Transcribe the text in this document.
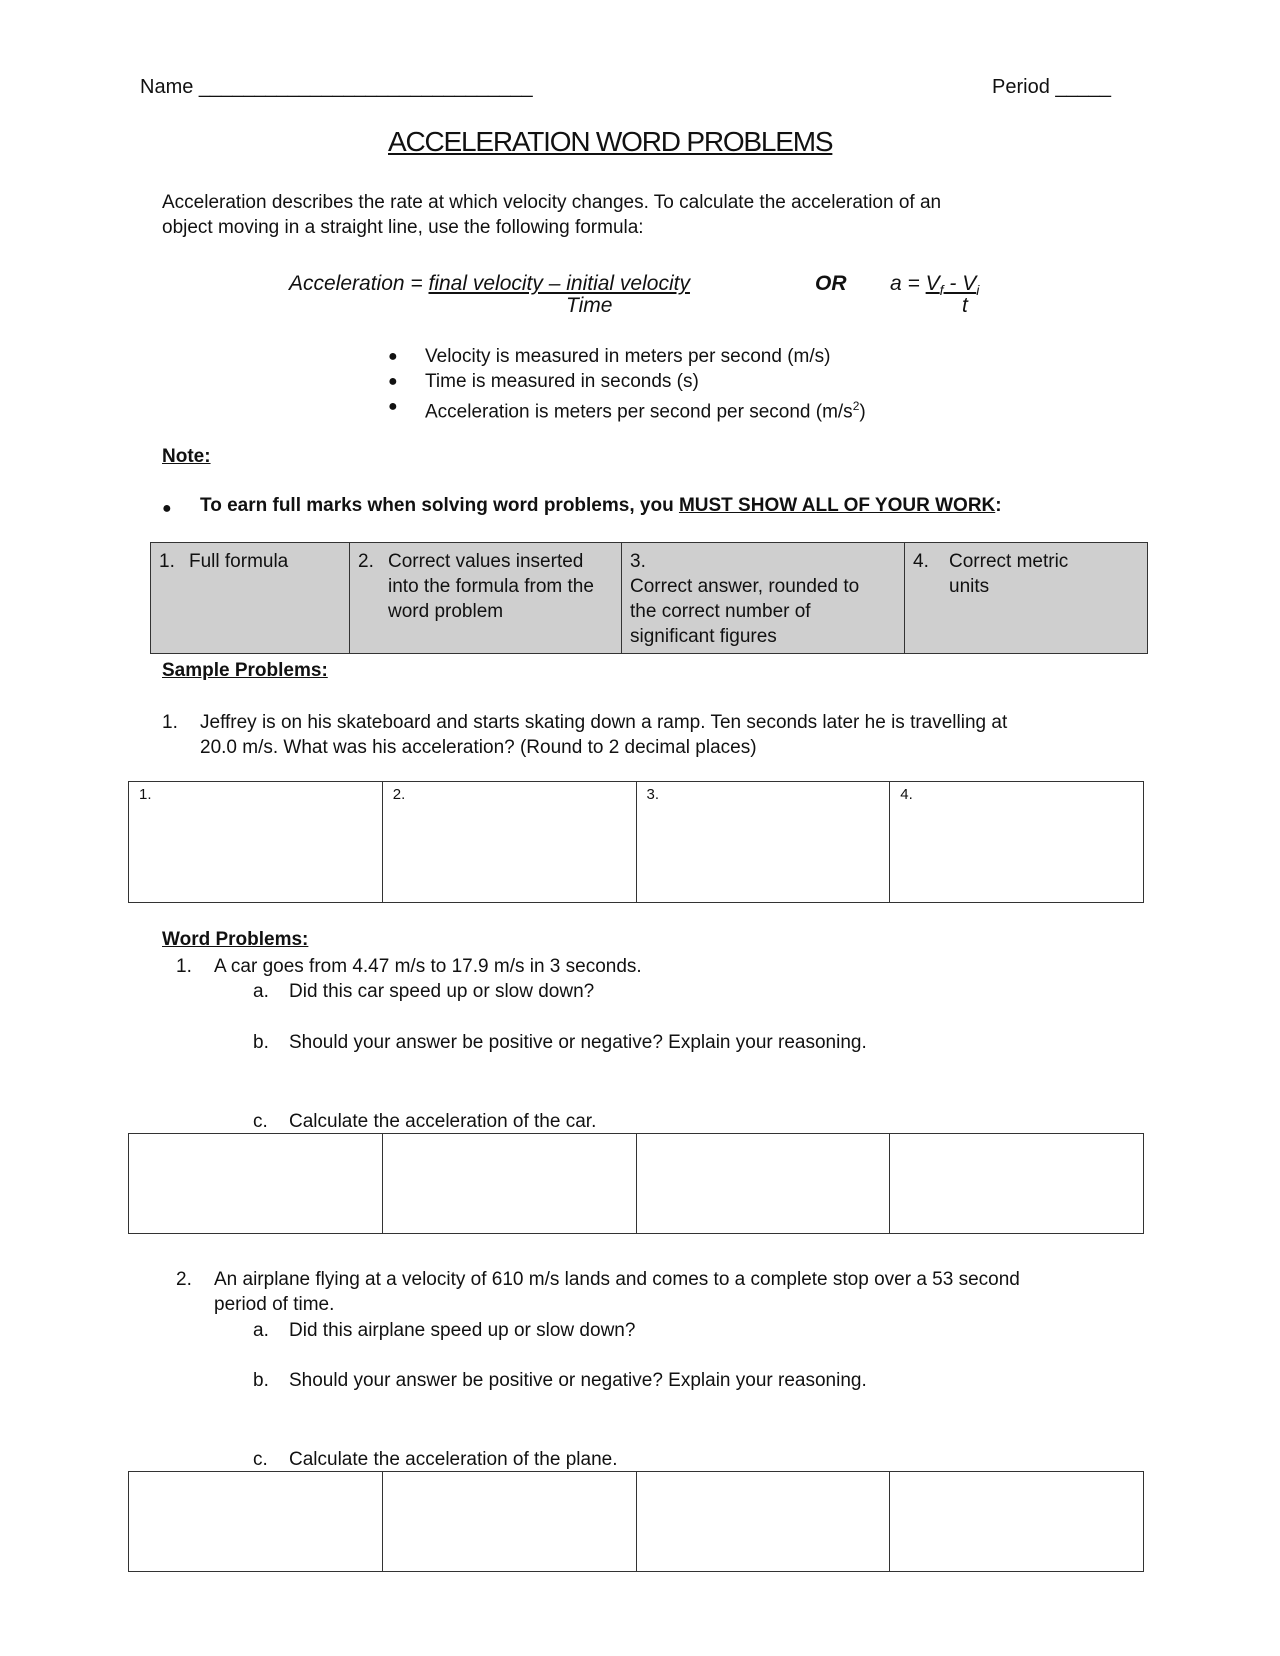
Name ______________________________	Period _____
ACCELERATION WORD PROBLEMS
Acceleration describes the rate at which velocity changes. To calculate the acceleration of an
object moving in a straight line, use the following formula:
Acceleration = final velocity – initial velocity
Time
OR $a = V_f - V_i$
t
● Velocity is measured in meters per second (m/s)
● Time is measured in seconds (s)
● Acceleration is meters per second per second $(m/s^2)$
Note:
● To earn full marks when solving word problems, you MUST SHOW ALL OF YOUR WORK:
1. Full formula	2. Correct values inserted into the formula from the word problem	3.Correct answer, rounded to the correct number of significant figures	4. Correct metric units
Sample Problems:
1. Jeffrey is on his skateboard and starts skating down a ramp. Ten seconds later he is travelling at
20.0 m/s. What was his acceleration? (Round to 2 decimal places)
1.	2.	3.	4.
Word Problems:
1. A car goes from 4.47 m/s to 17.9 m/s in 3 seconds.
a. Did this car speed up or slow down?
b. Should your answer be positive or negative? Explain your reasoning.
c. Calculate the acceleration of the car.

2. An airplane flying at a velocity of 610 m/s lands and comes to a complete stop over a 53 second
period of time.
a. Did this airplane speed up or slow down?
b. Should your answer be positive or negative? Explain your reasoning.
c. Calculate the acceleration of the plane.
